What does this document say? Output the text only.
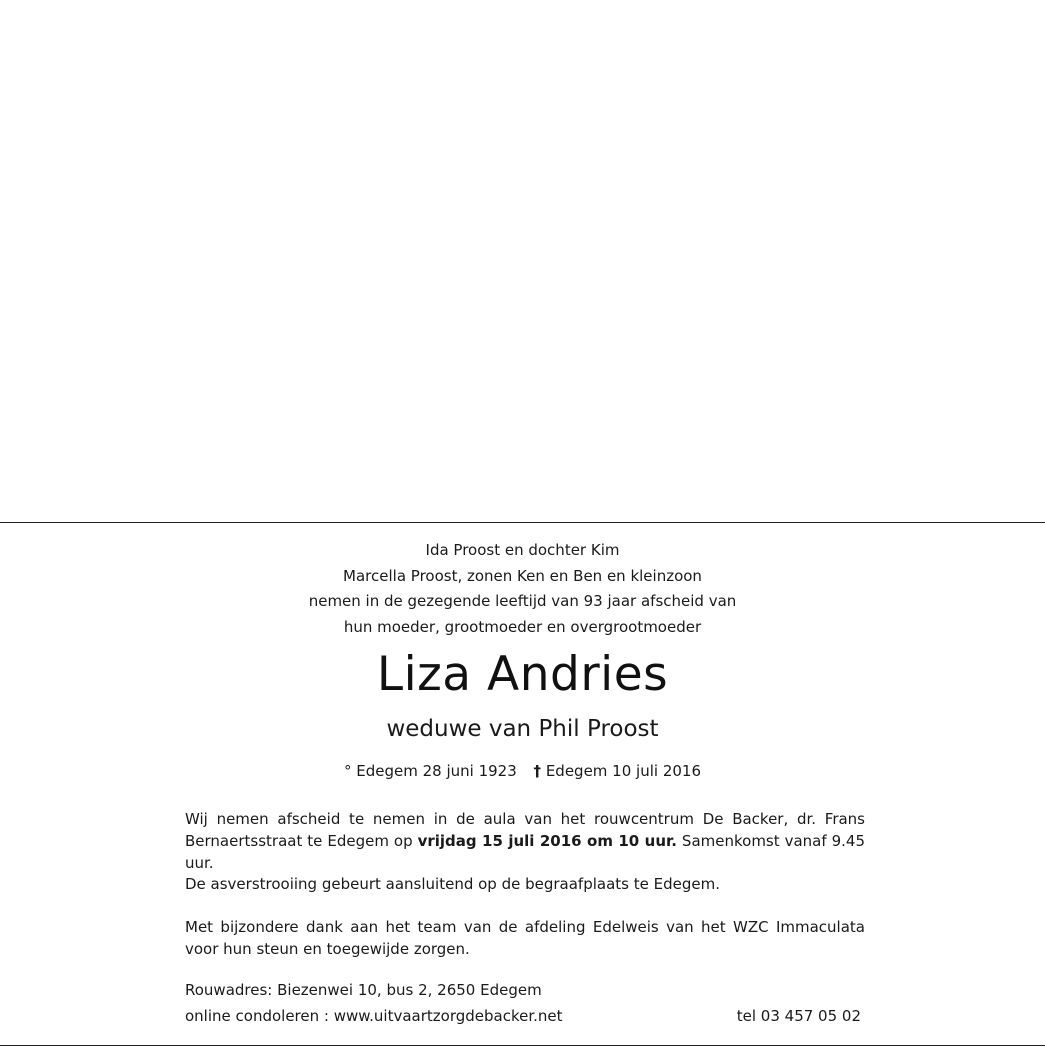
Ida Proost en dochter Kim
Marcella Proost, zonen Ken en Ben en kleinzoon
nemen in de gezegende leeftijd van 93 jaar afscheid van
hun moeder, grootmoeder en overgrootmoeder
Liza Andries
weduwe van Phil Proost
° Edegem 28 juni 1923 † Edegem 10 juli 2016
Wij nemen afscheid te nemen in de aula van het rouwcentrum De Backer, dr. Frans Bernaertsstraat te Edegem op vrijdag 15 juli 2016 om 10 uur. Samenkomst vanaf 9.45 uur.
De asverstrooiing gebeurt aansluitend op de begraafplaats te Edegem.
Met bijzondere dank aan het team van de afdeling Edelweis van het WZC Immaculata voor hun steun en toegewijde zorgen.
Rouwadres: Biezenwei 10, bus 2, 2650 Edegem
online condoleren : www.uitvaartzorgdebacker.net	tel 03 457 05 02
